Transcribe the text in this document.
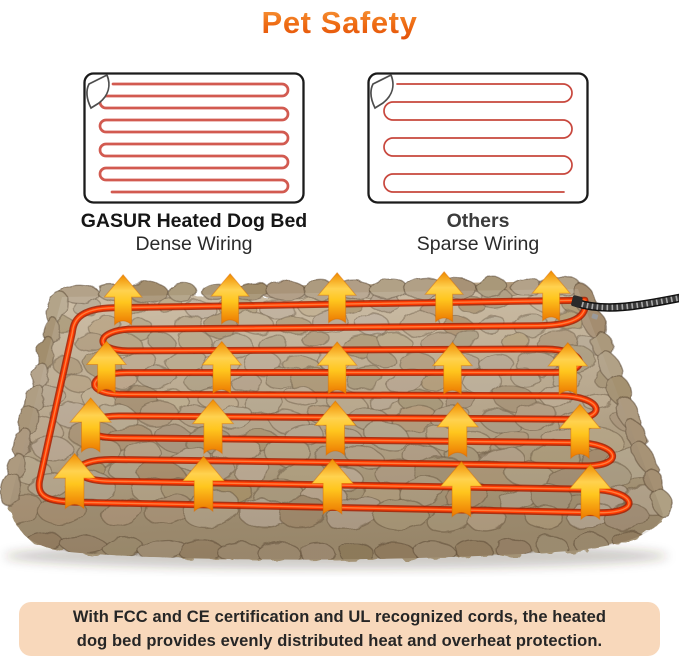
Pet Safety
GASUR Heated Dog Bed
Dense Wiring
Others
Sparse Wiring
With FCC and CE certification and UL recognized cords, the heated
dog bed provides evenly distributed heat and overheat protection.
